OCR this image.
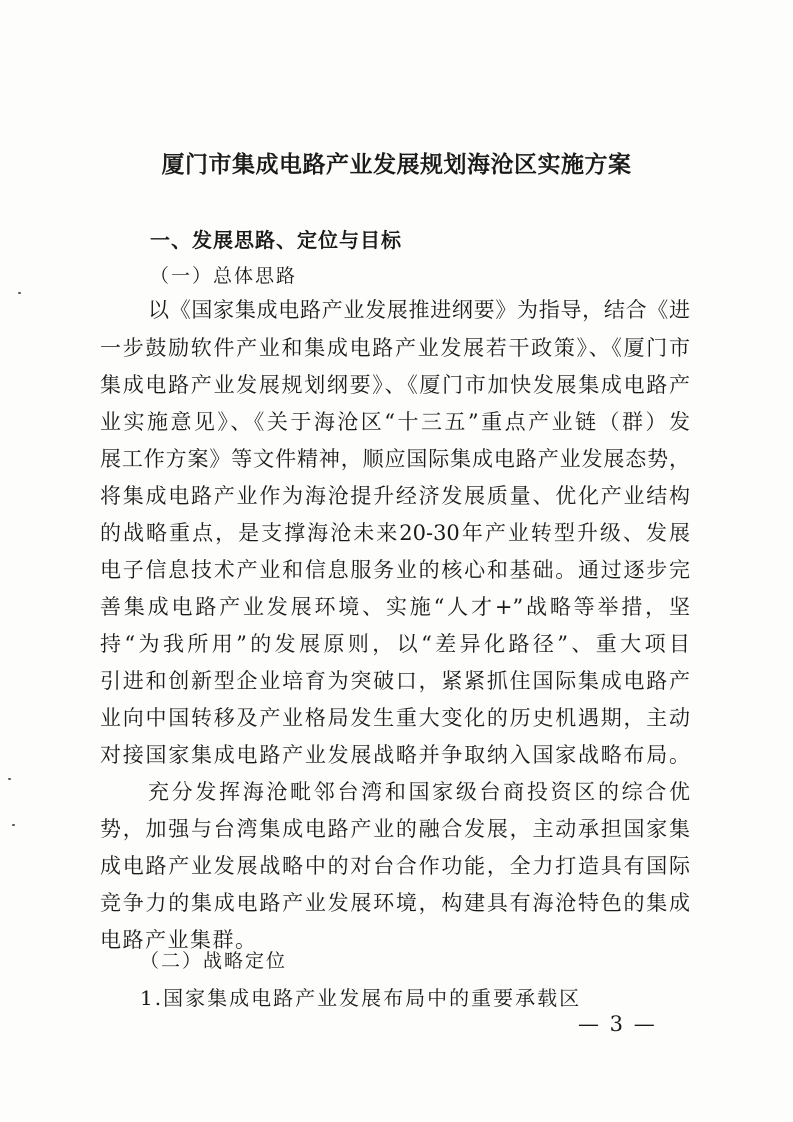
厦门市集成电路产业发展规划海沧区实施方案
一、发展思路、定位与目标
（一）总体思路
以《国家集成电路产业发展推进纲要》为指导，结合《进
一步鼓励软件产业和集成电路产业发展若干政策》、《厦门市
集成电路产业发展规划纲要》、《厦门市加快发展集成电路产
业实施意见》、《关于海沧区“十三五”重点产业链（群）发
展工作方案》等文件精神，顺应国际集成电路产业发展态势，
将集成电路产业作为海沧提升经济发展质量、优化产业结构
的战略重点，是支撑海沧未来20-30年产业转型升级、发展
电子信息技术产业和信息服务业的核心和基础。通过逐步完
善集成电路产业发展环境、实施“人才+”战略等举措，坚
持“为我所用”的发展原则，以“差异化路径”、重大项目
引进和创新型企业培育为突破口，紧紧抓住国际集成电路产
业向中国转移及产业格局发生重大变化的历史机遇期，主动
对接国家集成电路产业发展战略并争取纳入国家战略布局。
充分发挥海沧毗邻台湾和国家级台商投资区的综合优
势，加强与台湾集成电路产业的融合发展，主动承担国家集
成电路产业发展战略中的对台合作功能，全力打造具有国际
竞争力的集成电路产业发展环境，构建具有海沧特色的集成
电路产业集群。
（二）战略定位
1.国家集成电路产业发展布局中的重要承载区
— 3 —
